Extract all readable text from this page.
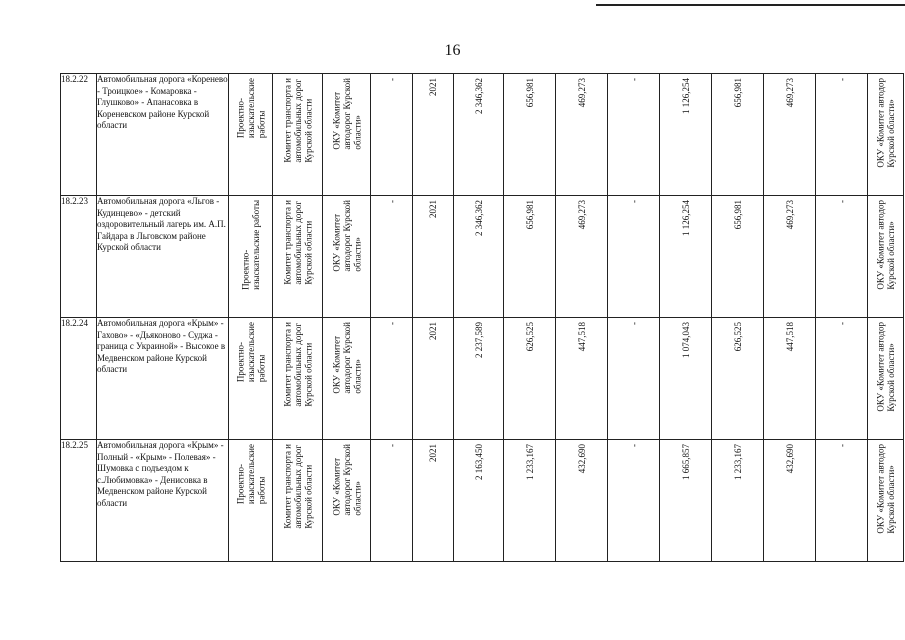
16
18.2.22	Автомобильная дорога «Коренево - Троицкое» - Комаровка - Глушково» - Апанасовка в Кореневском районе Курской области	Проектно-
изыскательские
работы	Комитет транспорта и
автомобильных дорог
Курской области	ОКУ «Комитет
автодорог Курской
области»	-	2021	2 346,362	656,981	469,273	-	1 126,254	656,981	469,273	-	ОКУ «Комитет автодор
Курской области»

18.2.23	Автомобильная дорога «Льгов - Кудинцево» - детский оздоровительный лагерь им. А.П. Гайдара в Льговском районе Курской области	Проектно-
изыскательские работы	Комитет транспорта и
автомобильных дорог
Курской области	ОКУ «Комитет
автодорог Курской
области»	-	2021	2 346,362	656,981	469,273	-	1 126,254	656,981	469,273	-	ОКУ «Комитет автодор
Курской области»

18.2.24	Автомобильная дорога «Крым» - Гахово» - «Дьяконово - Суджа - граница с Украиной» - Высокое в Медвенском районе Курской области	Проектно-
изыскательские
работы	Комитет транспорта и
автомобильных дорог
Курской области	ОКУ «Комитет
автодорог Курской
области»	-	2021	2 237,589	626,525	447,518	-	1 074,043	626,525	447,518	-	ОКУ «Комитет автодор
Курской области»

18.2.25	Автомобильная дорога «Крым» - Полный - «Крым» - Полевая» - Шумовка с подъездом к с.Любимовка» - Денисовка в Медвенском районе Курской области	Проектно-
изыскательские
работы	Комитет транспорта и
автомобильных дорог
Курской области	ОКУ «Комитет
автодорог Курской
области»	-	2021	2 163,450	1 233,167	432,690	-	1 665,857	1 233,167	432,690	-	ОКУ «Комитет автодор
Курской области»
